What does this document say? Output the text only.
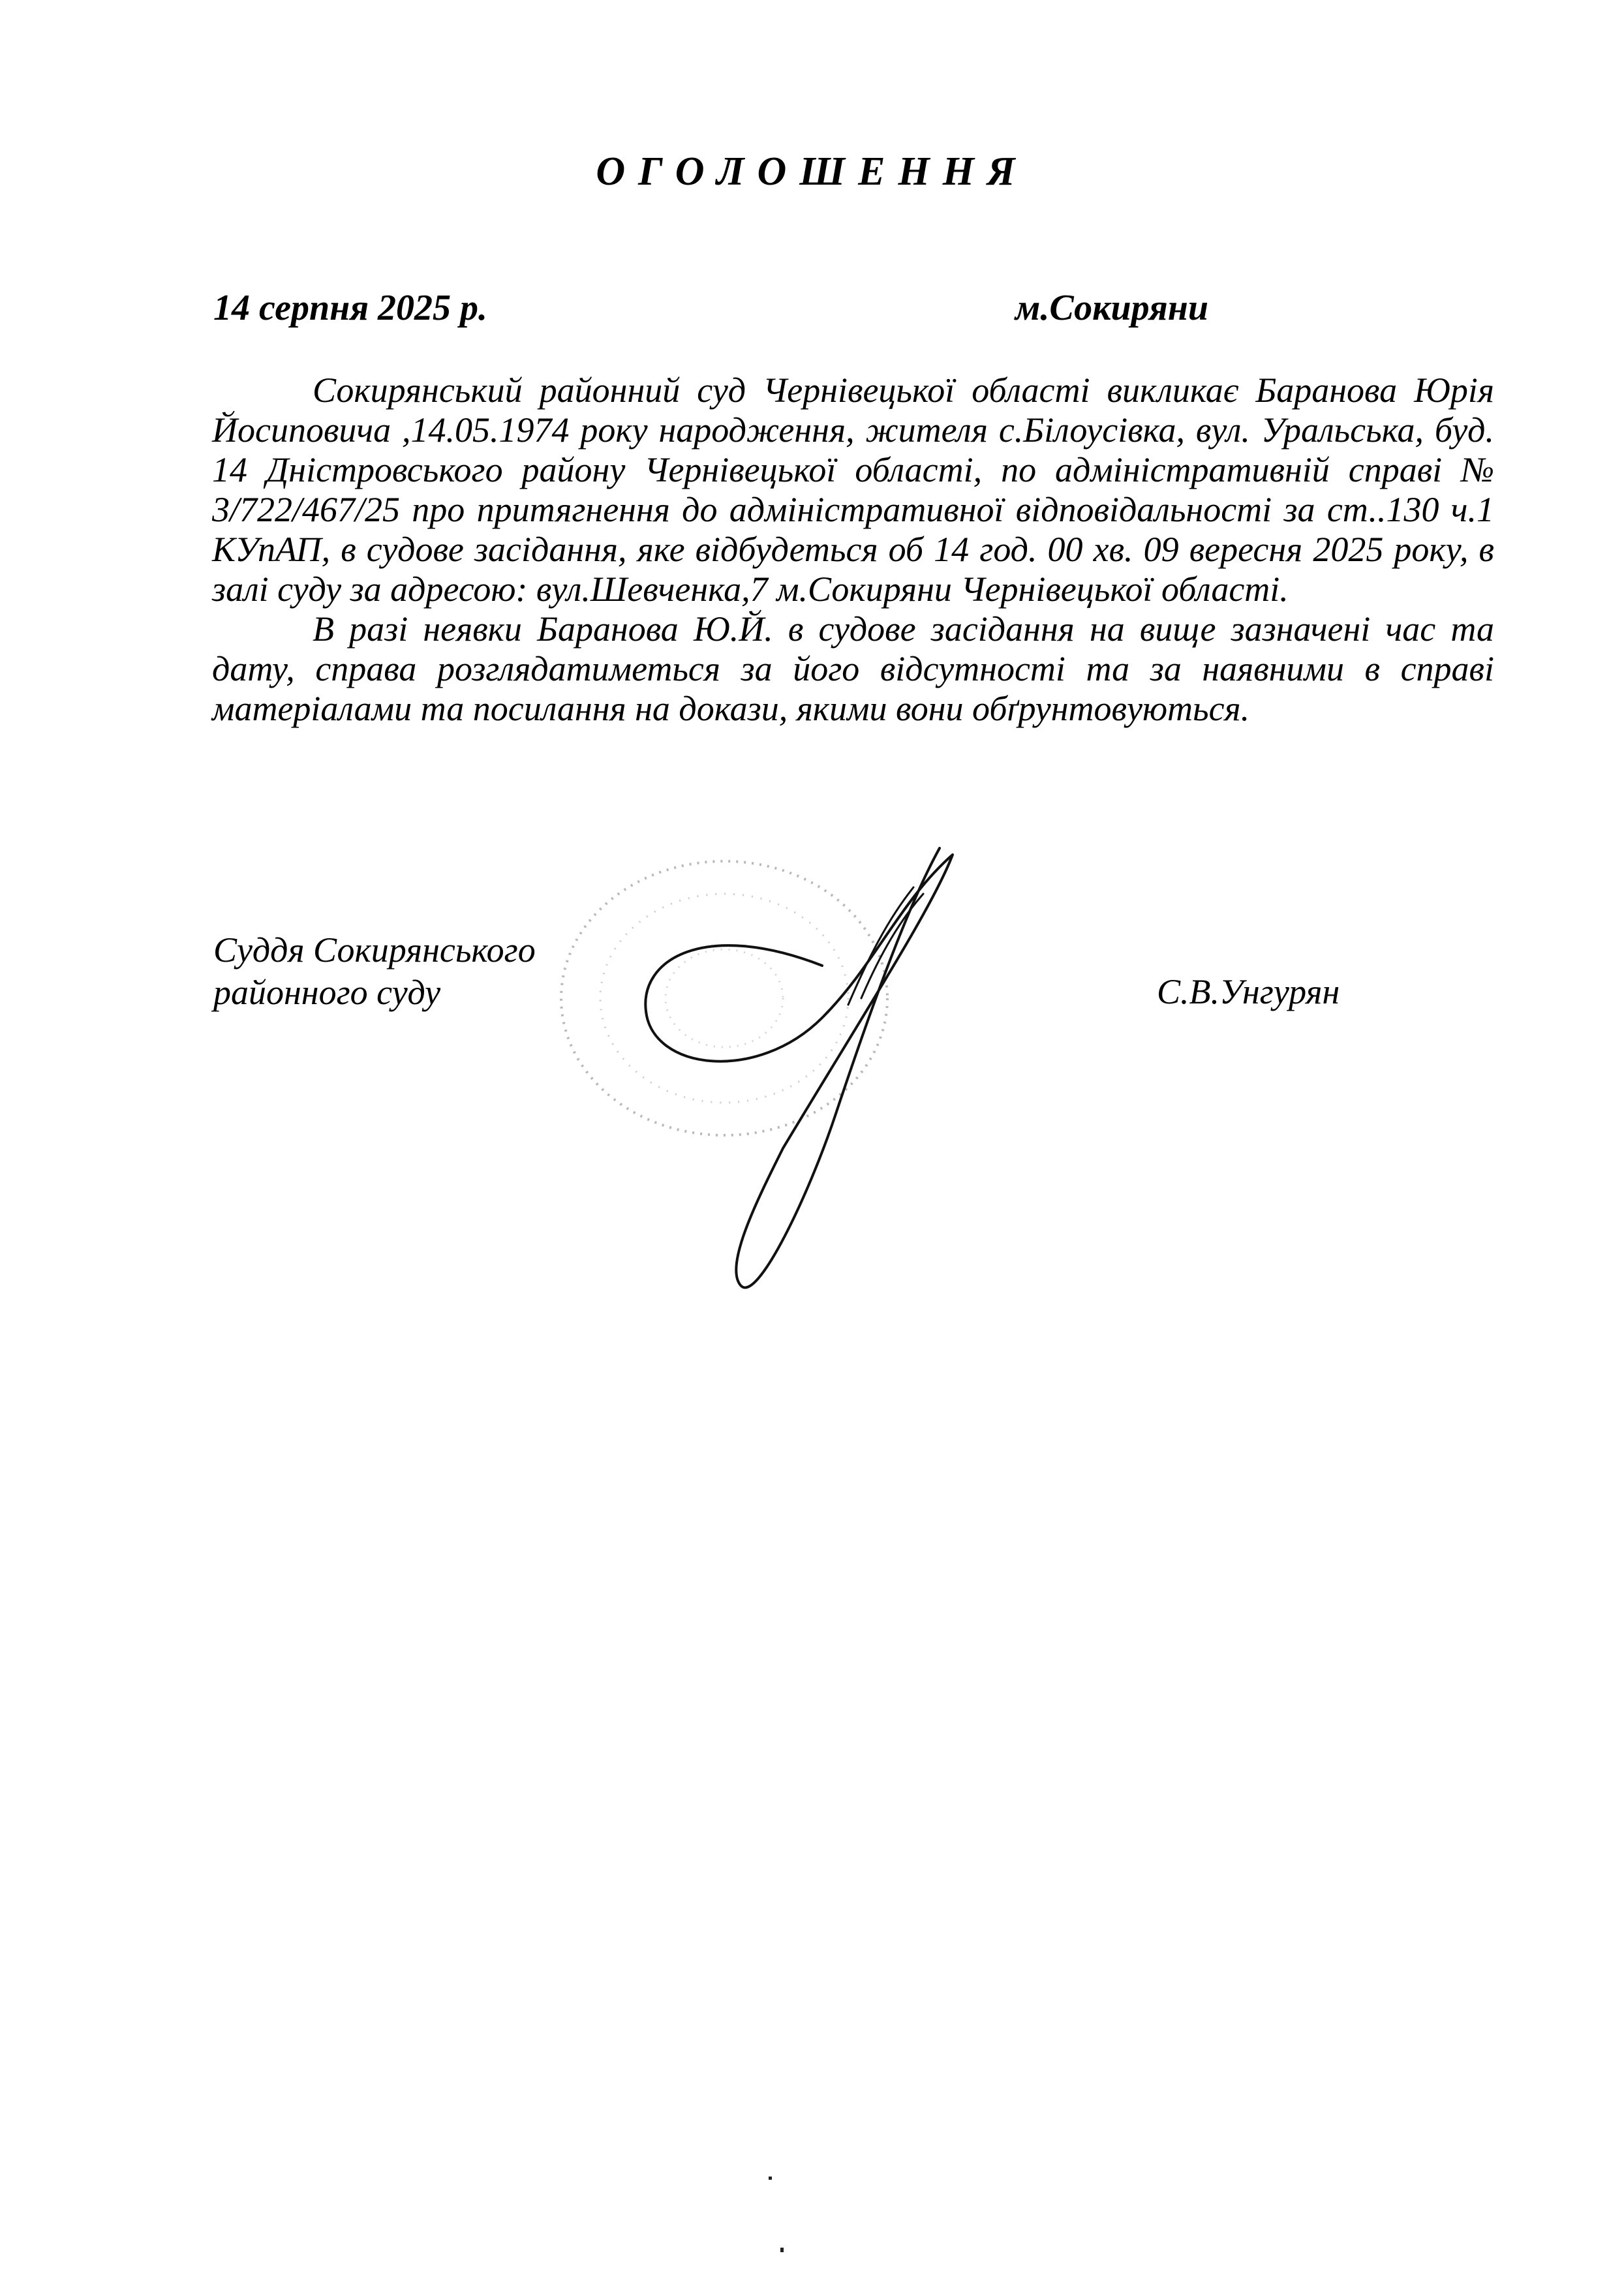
ОГОЛОШЕННЯ

14 серпня 2025 р.	м.Сокиряни

Сокирянський районний суд Чернівецької області викликає Баранова Юрія Йосиповича ,14.05.1974 року народження, жителя с.Білоусівка, вул. Уральська, буд. 14 Дністровського району Чернівецької області, по адміністративній справі № 3/722/467/25 про притягнення до адміністративної відповідальності за ст..130 ч.1 КУпАП, в судове засідання, яке відбудеться об 14 год. 00 хв. 09 вересня 2025 року, в залі суду за адресою: вул.Шевченка,7 м.Сокиряни Чернівецької області.

В разі неявки Баранова Ю.Й. в судове засідання на вище зазначені час та дату, справа розглядатиметься за його відсутності та за наявними в справі матеріалами та посилання на докази, якими вони обґрунтовуються.

Суддя Сокирянського
районного суду	С.В.Унгурян
